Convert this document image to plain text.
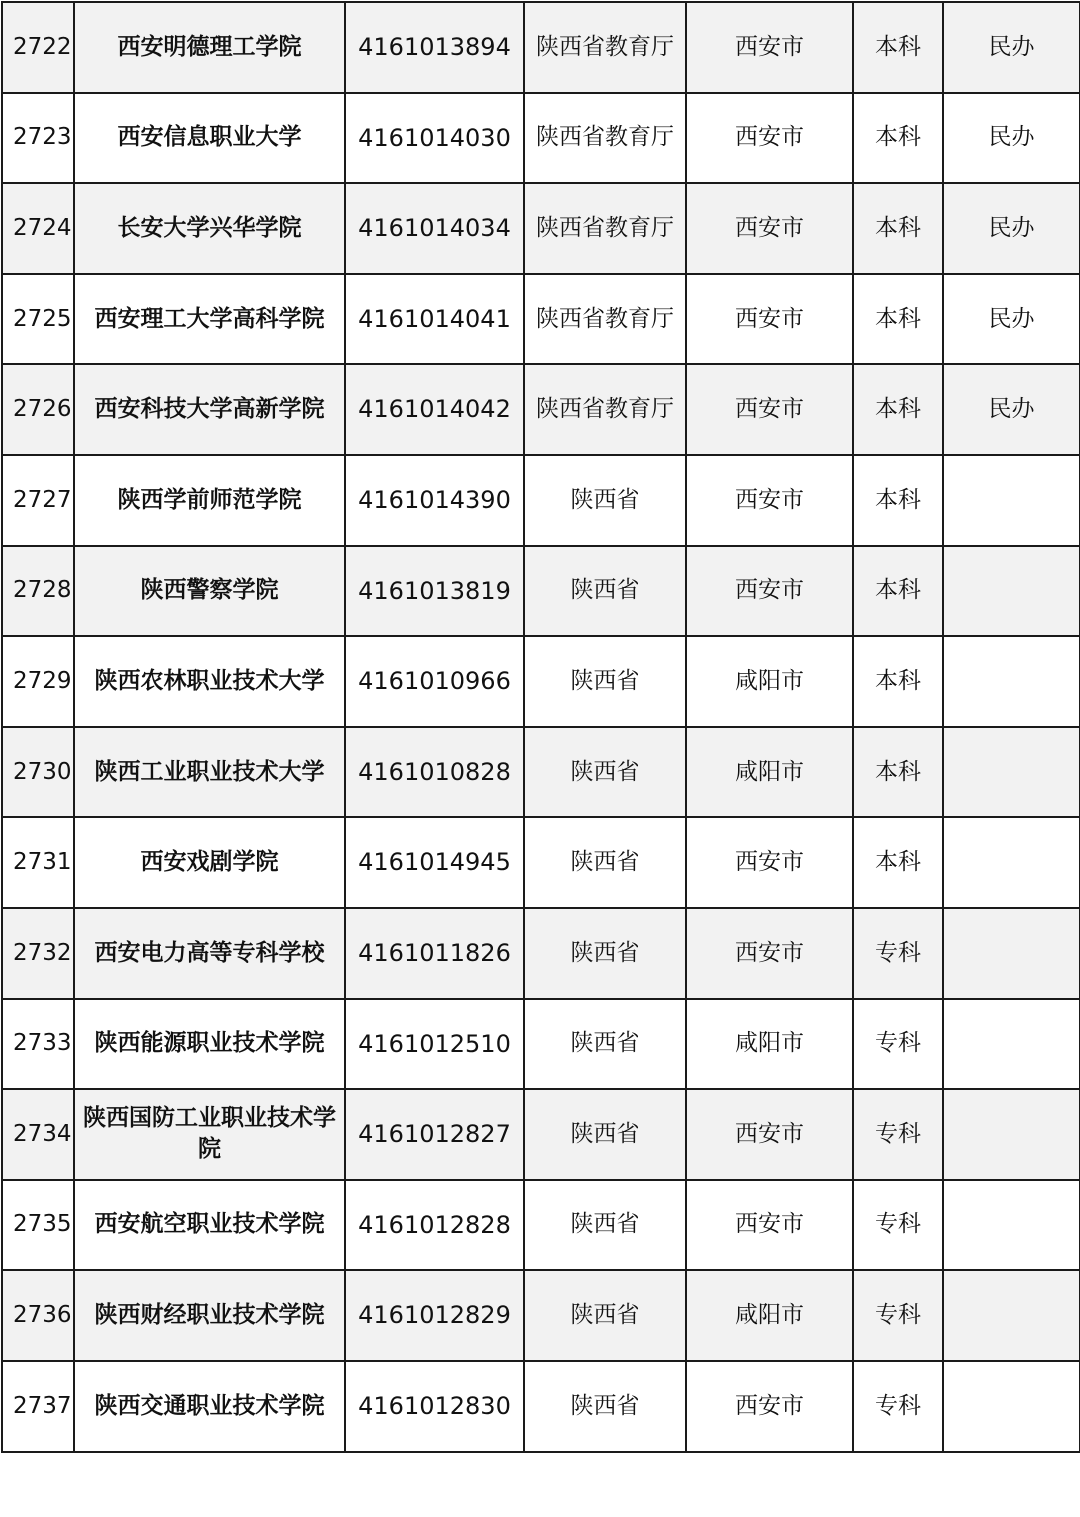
2722	西安明德理工学院	4161013894	陕西省教育厅	西安市	本科	民办
2723	西安信息职业大学	4161014030	陕西省教育厅	西安市	本科	民办
2724	长安大学兴华学院	4161014034	陕西省教育厅	西安市	本科	民办
2725	西安理工大学高科学院	4161014041	陕西省教育厅	西安市	本科	民办
2726	西安科技大学高新学院	4161014042	陕西省教育厅	西安市	本科	民办
2727	陕西学前师范学院	4161014390	陕西省	西安市	本科	
2728	陕西警察学院	4161013819	陕西省	西安市	本科	
2729	陕西农林职业技术大学	4161010966	陕西省	咸阳市	本科	
2730	陕西工业职业技术大学	4161010828	陕西省	咸阳市	本科	
2731	西安戏剧学院	4161014945	陕西省	西安市	本科	
2732	西安电力高等专科学校	4161011826	陕西省	西安市	专科	
2733	陕西能源职业技术学院	4161012510	陕西省	咸阳市	专科	
2734	陕西国防工业职业技术学院	4161012827	陕西省	西安市	专科	
2735	西安航空职业技术学院	4161012828	陕西省	西安市	专科	
2736	陕西财经职业技术学院	4161012829	陕西省	咸阳市	专科	
2737	陕西交通职业技术学院	4161012830	陕西省	西安市	专科	
